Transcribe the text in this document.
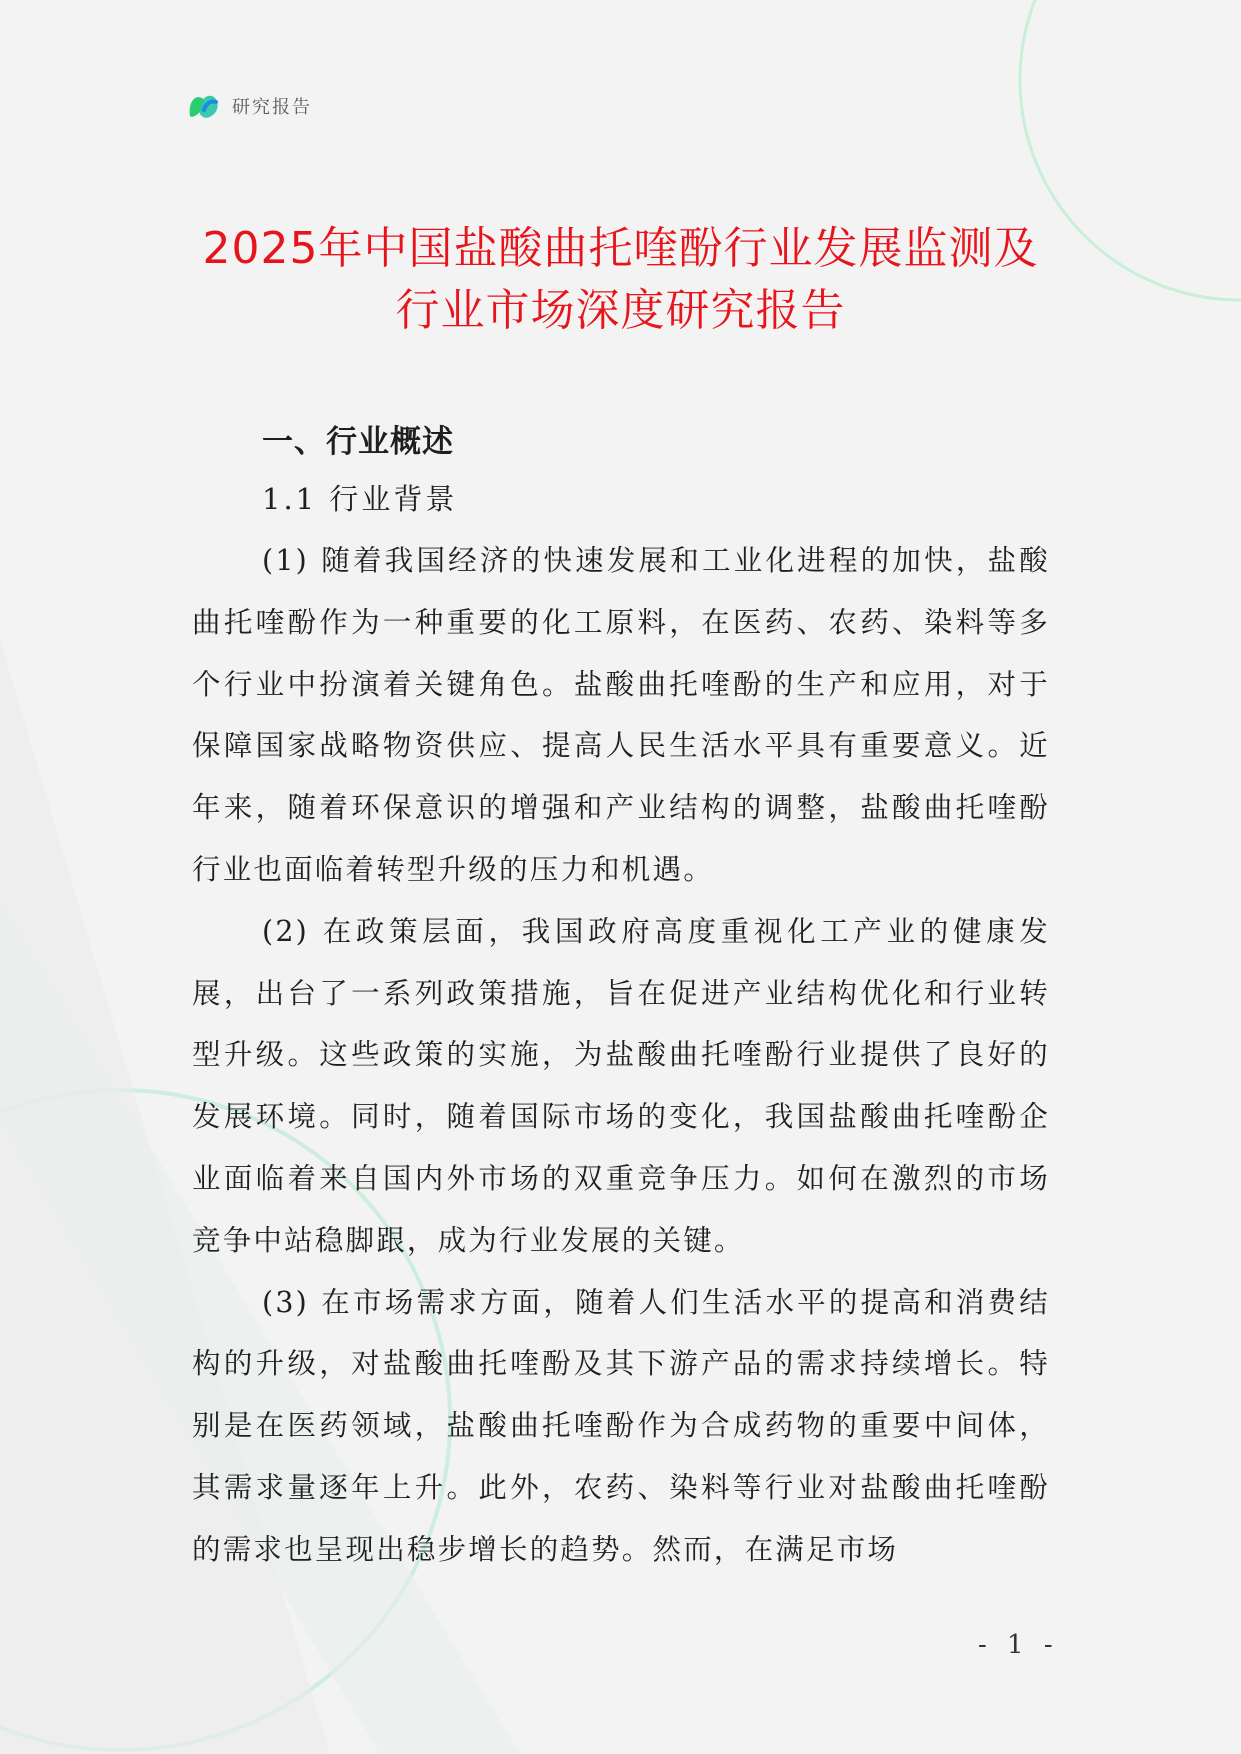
研究报告
2025年中国盐酸曲托喹酚行业发展监测及
行业市场深度研究报告

一、行业概述

1.1 行业背景

(1) 随着我国经济的快速发展和工业化进程的加快，盐酸曲托喹酚作为一种重要的化工原料，在医药、农药、染料等多个行业中扮演着关键角色。盐酸曲托喹酚的生产和应用，对于保障国家战略物资供应、提高人民生活水平具有重要意义。近年来，随着环保意识的增强和产业结构的调整，盐酸曲托喹酚行业也面临着转型升级的压力和机遇。

(2) 在政策层面，我国政府高度重视化工产业的健康发展，出台了一系列政策措施，旨在促进产业结构优化和行业转型升级。这些政策的实施，为盐酸曲托喹酚行业提供了良好的发展环境。同时，随着国际市场的变化，我国盐酸曲托喹酚企业面临着来自国内外市场的双重竞争压力。如何在激烈的市场竞争中站稳脚跟，成为行业发展的关键。

(3) 在市场需求方面，随着人们生活水平的提高和消费结构的升级，对盐酸曲托喹酚及其下游产品的需求持续增长。特别是在医药领域，盐酸曲托喹酚作为合成药物的重要中间体，其需求量逐年上升。此外，农药、染料等行业对盐酸曲托喹酚的需求也呈现出稳步增长的趋势。然而，在满足市场

- 1 -
